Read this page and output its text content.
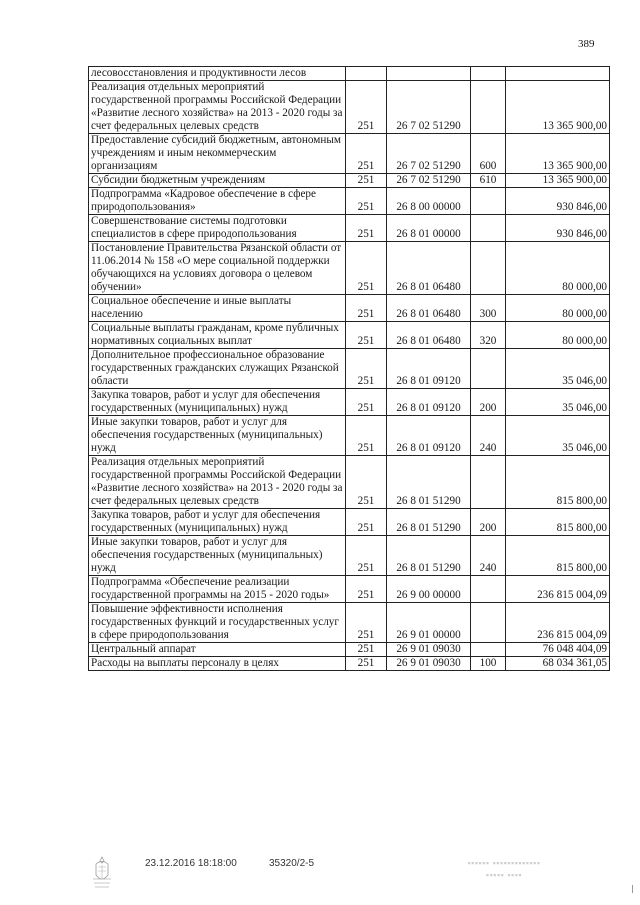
389
лесовосстановления и продуктивности лесов				
Реализация отдельных мероприятий государственной программы Российской Федерации «Развитие лесного хозяйства» на 2013 - 2020 годы за счет федеральных целевых средств	251	26 7 02 51290		13 365 900,00
Предоставление субсидий бюджетным, автономным учреждениям и иным некоммерческим организациям	251	26 7 02 51290	600	13 365 900,00
Субсидии бюджетным учреждениям	251	26 7 02 51290	610	13 365 900,00
Подпрограмма «Кадровое обеспечение в сфере природопользования»	251	26 8 00 00000		930 846,00
Совершенствование системы подготовки специалистов в сфере природопользования	251	26 8 01 00000		930 846,00
Постановление Правительства Рязанской области от 11.06.2014 № 158 «О мере социальной поддержки обучающихся на условиях договора о целевом обучении»	251	26 8 01 06480		80 000,00
Социальное обеспечение и иные выплаты населению	251	26 8 01 06480	300	80 000,00
Социальные выплаты гражданам, кроме публичных нормативных социальных выплат	251	26 8 01 06480	320	80 000,00
Дополнительное профессиональное образование государственных гражданских служащих Рязанской области	251	26 8 01 09120		35 046,00
Закупка товаров, работ и услуг для обеспечения государственных (муниципальных) нужд	251	26 8 01 09120	200	35 046,00
Иные закупки товаров, работ и услуг для обеспечения государственных (муниципальных) нужд	251	26 8 01 09120	240	35 046,00
Реализация отдельных мероприятий государственной программы Российской Федерации «Развитие лесного хозяйства» на 2013 - 2020 годы за счет федеральных целевых средств	251	26 8 01 51290		815 800,00
Закупка товаров, работ и услуг для обеспечения государственных (муниципальных) нужд	251	26 8 01 51290	200	815 800,00
Иные закупки товаров, работ и услуг для обеспечения государственных (муниципальных) нужд	251	26 8 01 51290	240	815 800,00
Подпрограмма «Обеспечение реализации государственной программы на 2015 - 2020 годы»	251	26 9 00 00000		236 815 004,09
Повышение эффективности исполнения государственных функций и государственных услуг в сфере природопользования	251	26 9 01 00000		236 815 004,09
Центральный аппарат	251	26 9 01 09030		76 048 404,09
Расходы на выплаты персоналу в целях	251	26 9 01 09030	100	68 034 361,05
23.12.2016 18:18:00	35320/2-5	▪▪▪▪▪▪ ▪▪▪▪▪▪▪▪▪▪▪▪▪
▪▪▪▪▪ ▪▪▪▪
